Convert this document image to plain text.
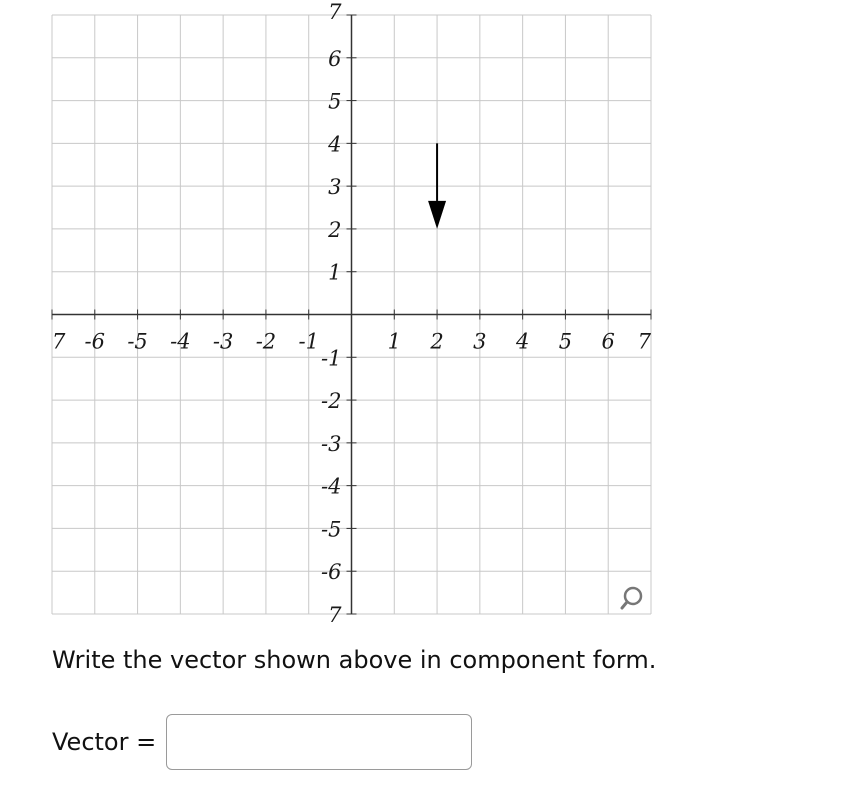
7 -6 -5 -4 -3 -2 -1	1 2 3 4 5 6 7
7
6
5
4
3
2
1
-1
-2
-3
-4
-5
-6
7
Write the vector shown above in component form.
Vector =
